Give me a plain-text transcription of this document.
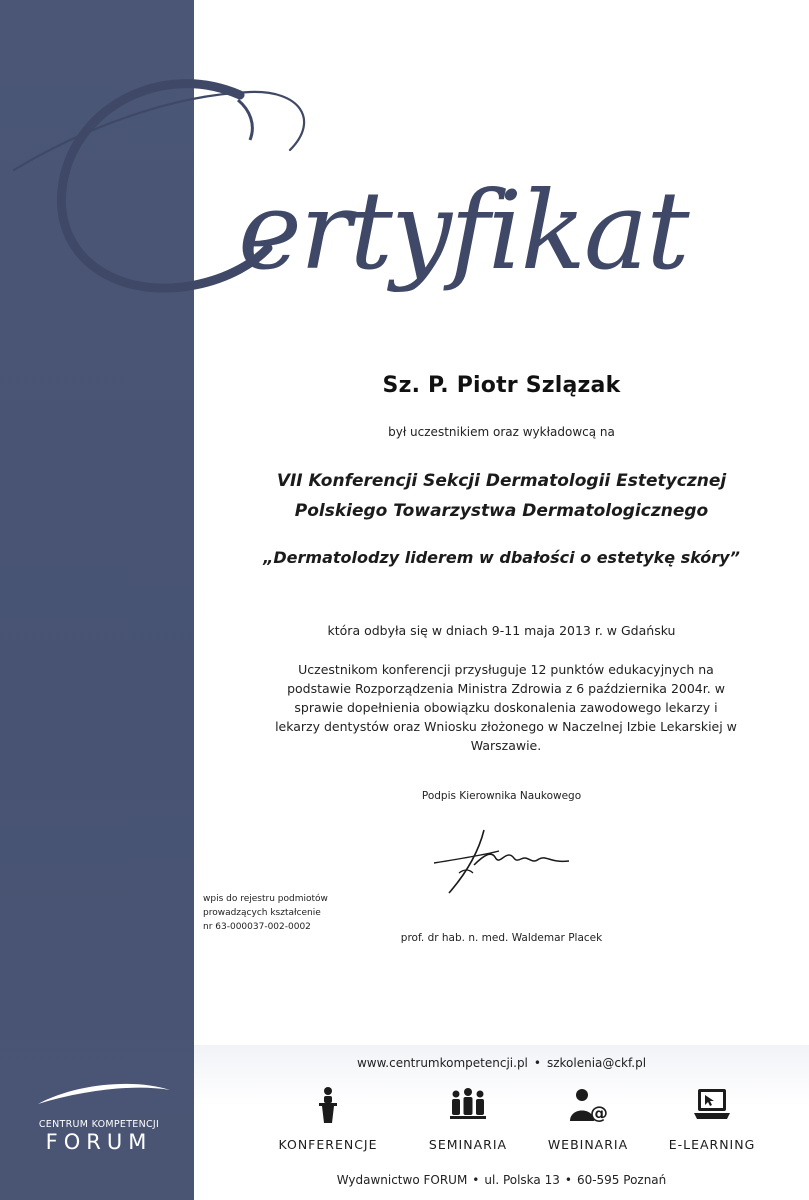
ertyfikat
Sz. P. Piotr Szlązak
był uczestnikiem oraz wykładowcą na
VII Konferencji Sekcji Dermatologii Estetycznej
Polskiego Towarzystwa Dermatologicznego
„Dermatolodzy liderem w dbałości o estetykę skóry”
która odbyła się w dniach 9-11 maja 2013 r. w Gdańsku
Uczestnikom konferencji przysługuje 12 punktów edukacyjnych na
podstawie Rozporządzenia Ministra Zdrowia z 6 października 2004r. w
sprawie dopełnienia obowiązku doskonalenia zawodowego lekarzy i
lekarzy dentystów oraz Wniosku złożonego w Naczelnej Izbie Lekarskiej w
Warszawie.
Podpis Kierownika Naukowego
prof. dr hab. n. med. Waldemar Placek
wpis do rejestru podmiotów
prowadzących kształcenie
nr 63-000037-002-0002
www.centrumkompetencji.pl • szkolenia@ckf.pl
KONFERENCJE	SEMINARIA
@
WEBINARIA	E-LEARNING
Wydawnictwo FORUM • ul. Polska 13 • 60-595 Poznań
CENTRUM KOMPETENCJI
FORUM
